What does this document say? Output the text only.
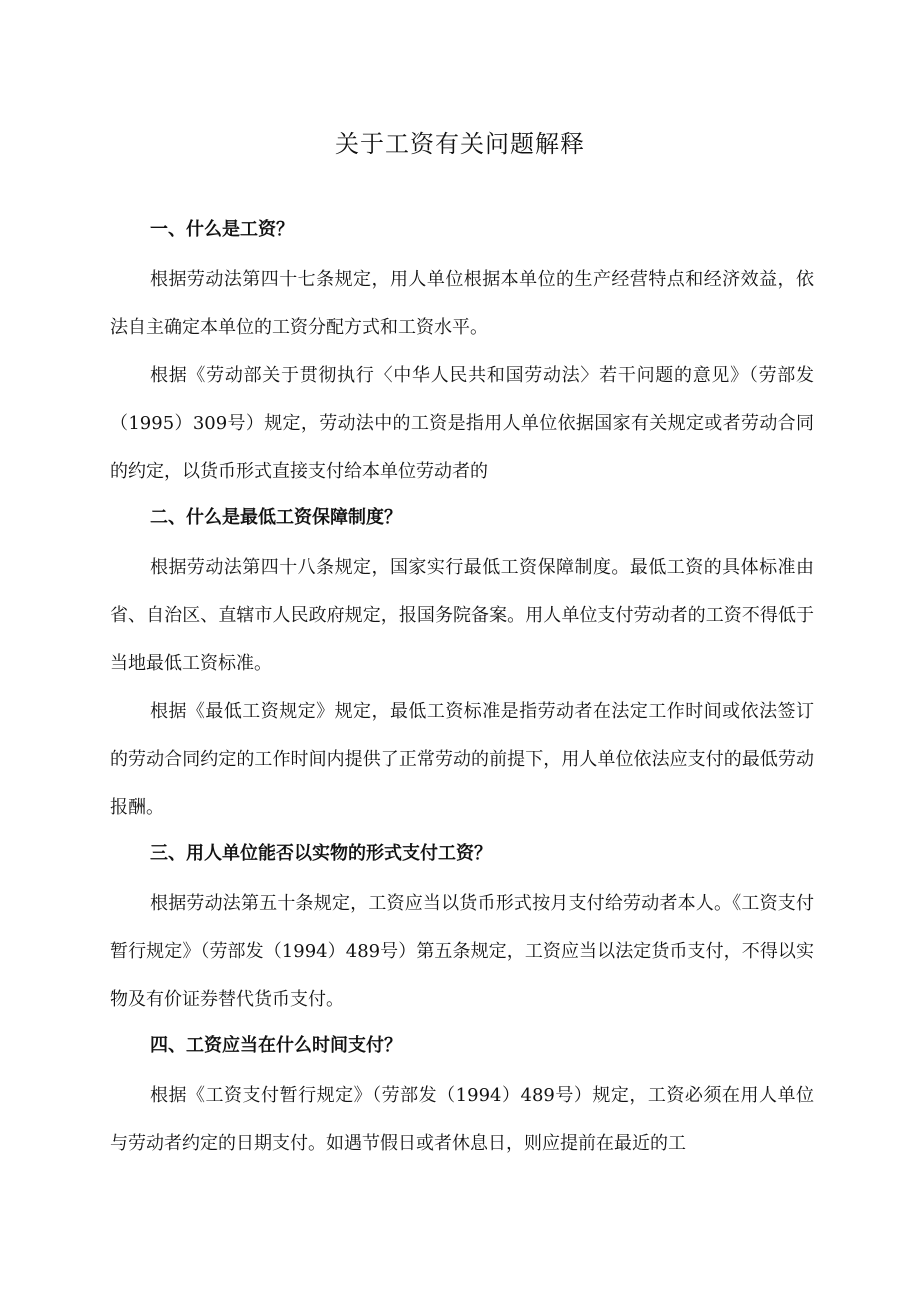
关于工资有关问题解释

一、什么是工资？

根据劳动法第四十七条规定，用人单位根据本单位的生产经营特点和经济效益，依法自主确定本单位的工资分配方式和工资水平。

根据《劳动部关于贯彻执行〈中华人民共和国劳动法〉若干问题的意见》（劳部发（1995）309号）规定，劳动法中的工资是指用人单位依据国家有关规定或者劳动合同的约定，以货币形式直接支付给本单位劳动者的

二、什么是最低工资保障制度？

根据劳动法第四十八条规定，国家实行最低工资保障制度。最低工资的具体标准由省、自治区、直辖市人民政府规定，报国务院备案。用人单位支付劳动者的工资不得低于当地最低工资标准。

根据《最低工资规定》规定，最低工资标准是指劳动者在法定工作时间或依法签订的劳动合同约定的工作时间内提供了正常劳动的前提下，用人单位依法应支付的最低劳动报酬。

三、用人单位能否以实物的形式支付工资？

根据劳动法第五十条规定，工资应当以货币形式按月支付给劳动者本人。《工资支付暂行规定》（劳部发（1994）489号）第五条规定，工资应当以法定货币支付，不得以实物及有价证券替代货币支付。

四、工资应当在什么时间支付？

根据《工资支付暂行规定》（劳部发（1994）489号）规定，工资必须在用人单位与劳动者约定的日期支付。如遇节假日或者休息日，则应提前在最近的工
